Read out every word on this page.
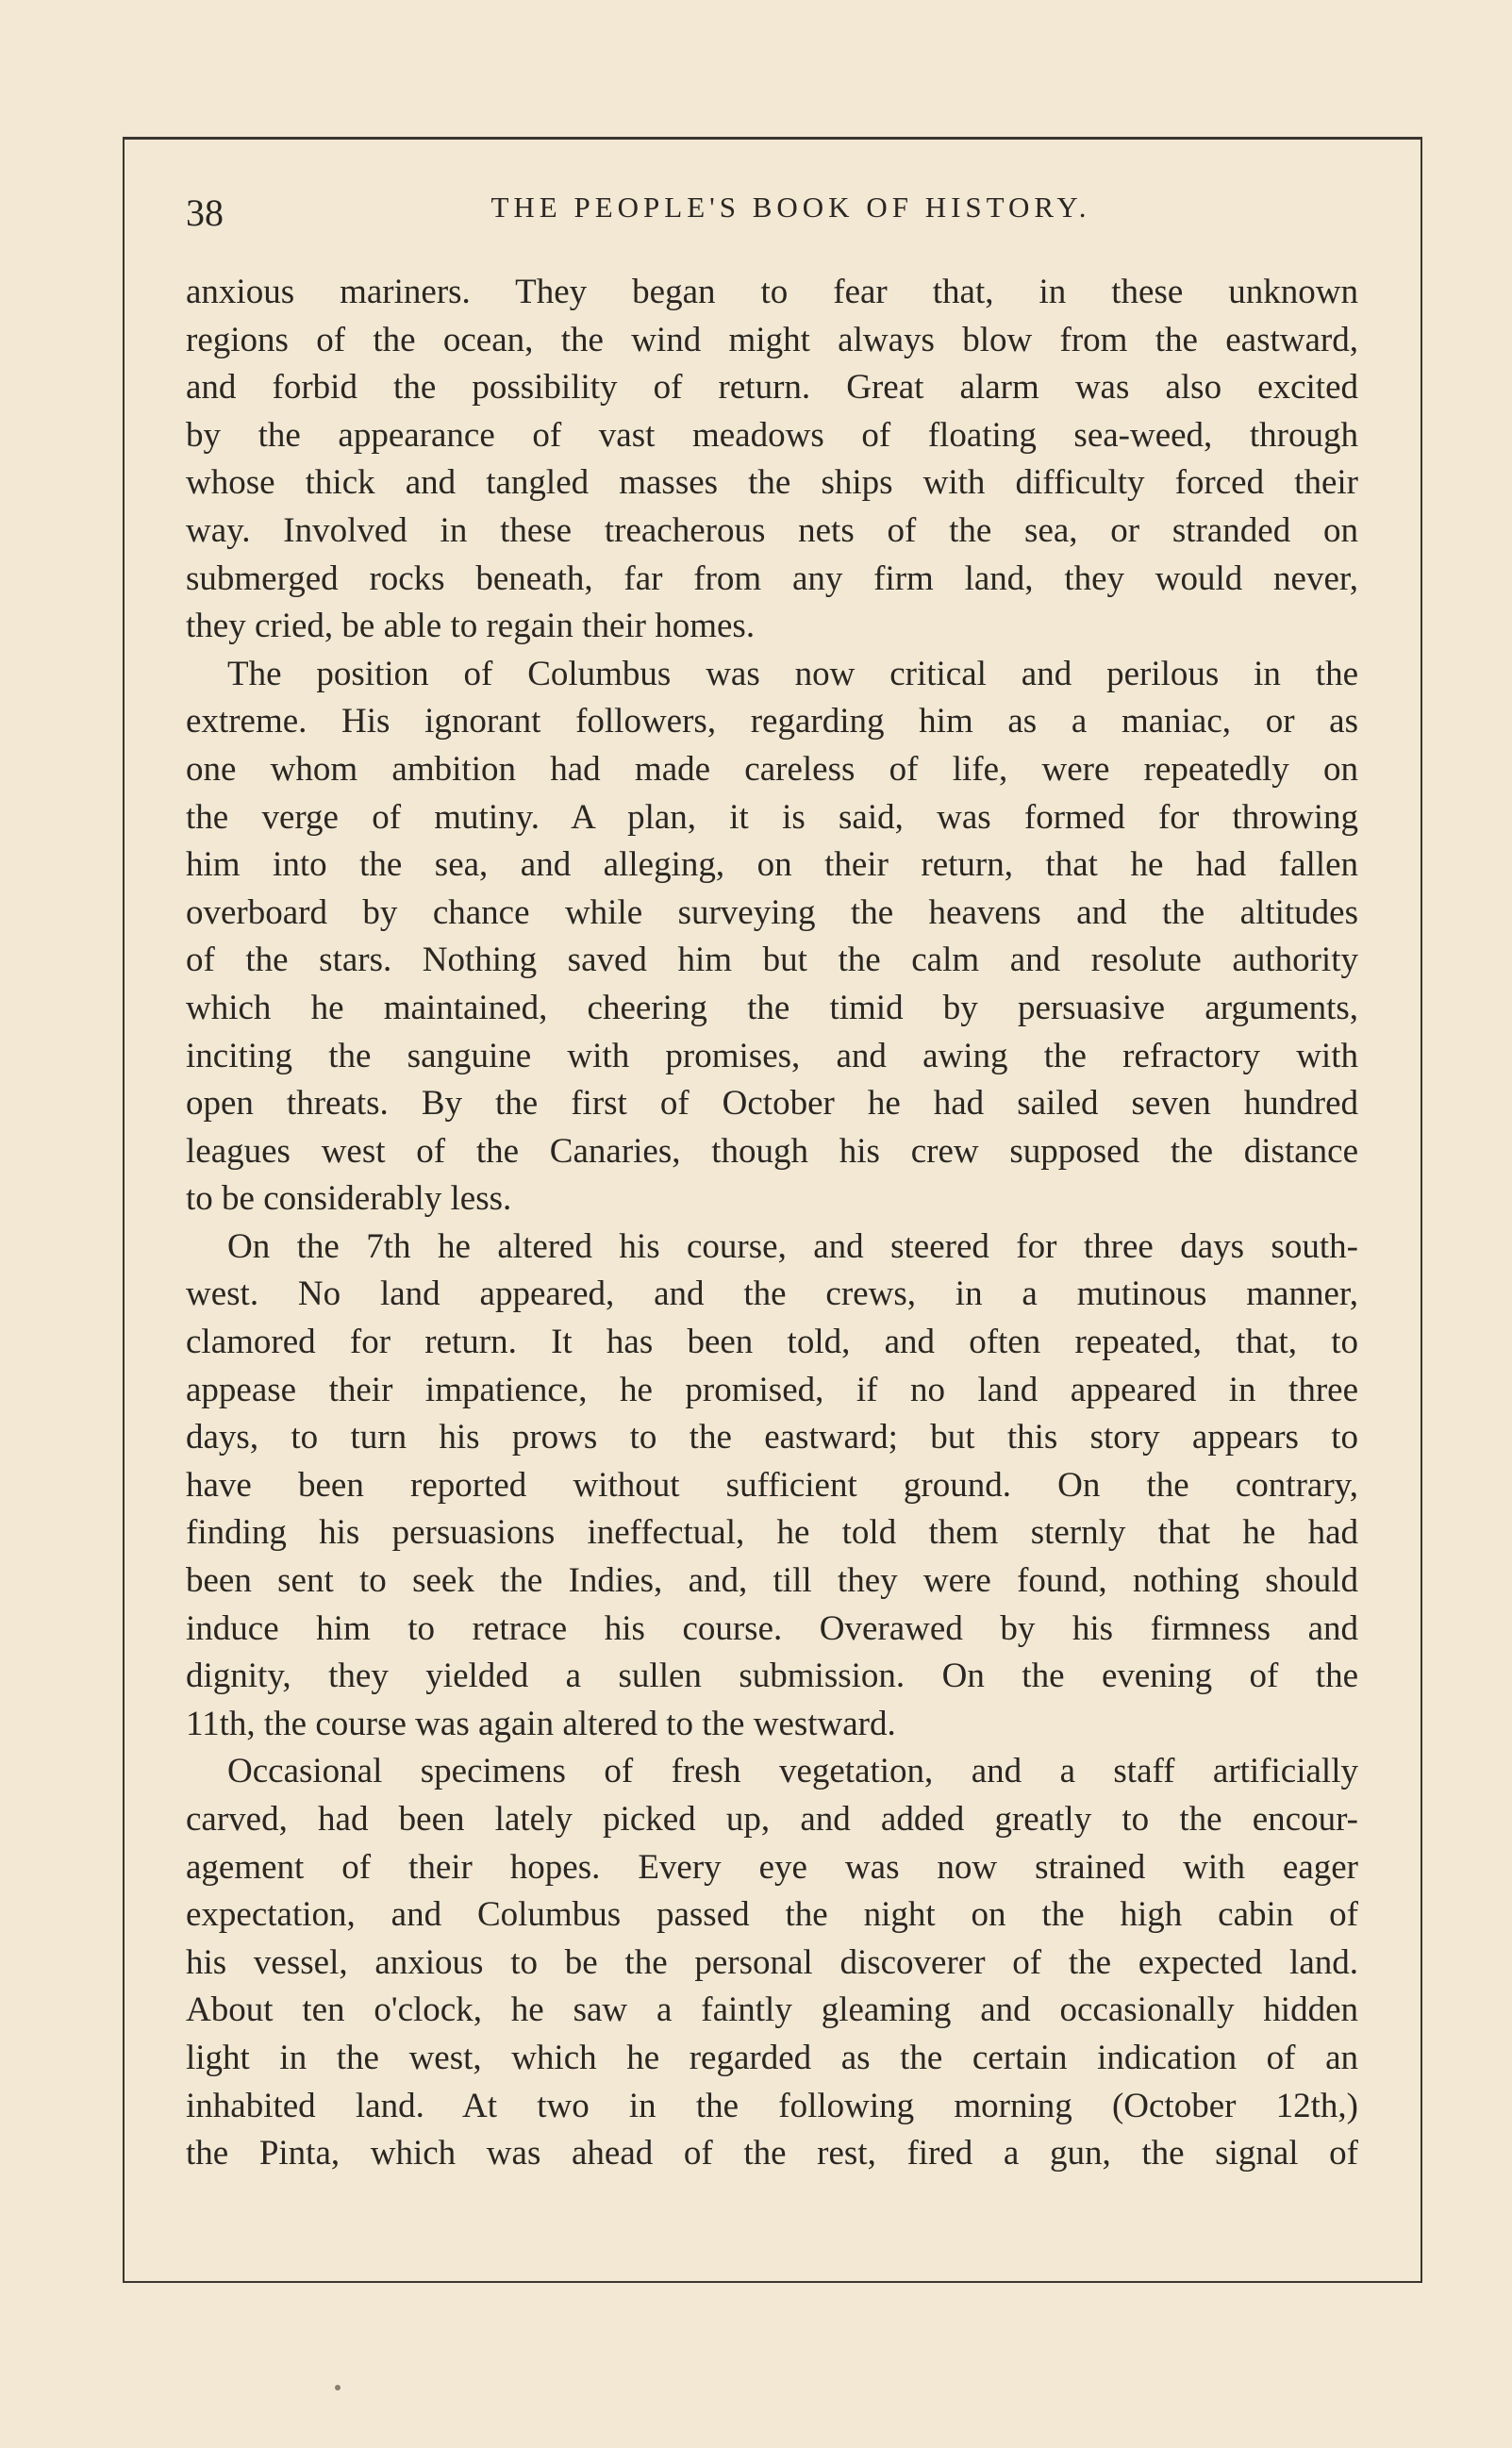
38	THE PEOPLE'S BOOK OF HISTORY.
anxious mariners. They began to fear that, in these unknown
regions of the ocean, the wind might always blow from the eastward,
and forbid the possibility of return. Great alarm was also excited
by the appearance of vast meadows of floating sea-weed, through
whose thick and tangled masses the ships with difficulty forced their
way. Involved in these treacherous nets of the sea, or stranded on
submerged rocks beneath, far from any firm land, they would never,
they cried, be able to regain their homes.
The position of Columbus was now critical and perilous in the
extreme. His ignorant followers, regarding him as a maniac, or as
one whom ambition had made careless of life, were repeatedly on
the verge of mutiny. A plan, it is said, was formed for throwing
him into the sea, and alleging, on their return, that he had fallen
overboard by chance while surveying the heavens and the altitudes
of the stars. Nothing saved him but the calm and resolute authority
which he maintained, cheering the timid by persuasive arguments,
inciting the sanguine with promises, and awing the refractory with
open threats. By the first of October he had sailed seven hundred
leagues west of the Canaries, though his crew supposed the distance
to be considerably less.
On the 7th he altered his course, and steered for three days south-
west. No land appeared, and the crews, in a mutinous manner,
clamored for return. It has been told, and often repeated, that, to
appease their impatience, he promised, if no land appeared in three
days, to turn his prows to the eastward; but this story appears to
have been reported without sufficient ground. On the contrary,
finding his persuasions ineffectual, he told them sternly that he had
been sent to seek the Indies, and, till they were found, nothing should
induce him to retrace his course. Overawed by his firmness and
dignity, they yielded a sullen submission. On the evening of the
11th, the course was again altered to the westward.
Occasional specimens of fresh vegetation, and a staff artificially
carved, had been lately picked up, and added greatly to the encour-
agement of their hopes. Every eye was now strained with eager
expectation, and Columbus passed the night on the high cabin of
his vessel, anxious to be the personal discoverer of the expected land.
About ten o'clock, he saw a faintly gleaming and occasionally hidden
light in the west, which he regarded as the certain indication of an
inhabited land. At two in the following morning (October 12th,)
the Pinta, which was ahead of the rest, fired a gun, the signal of
